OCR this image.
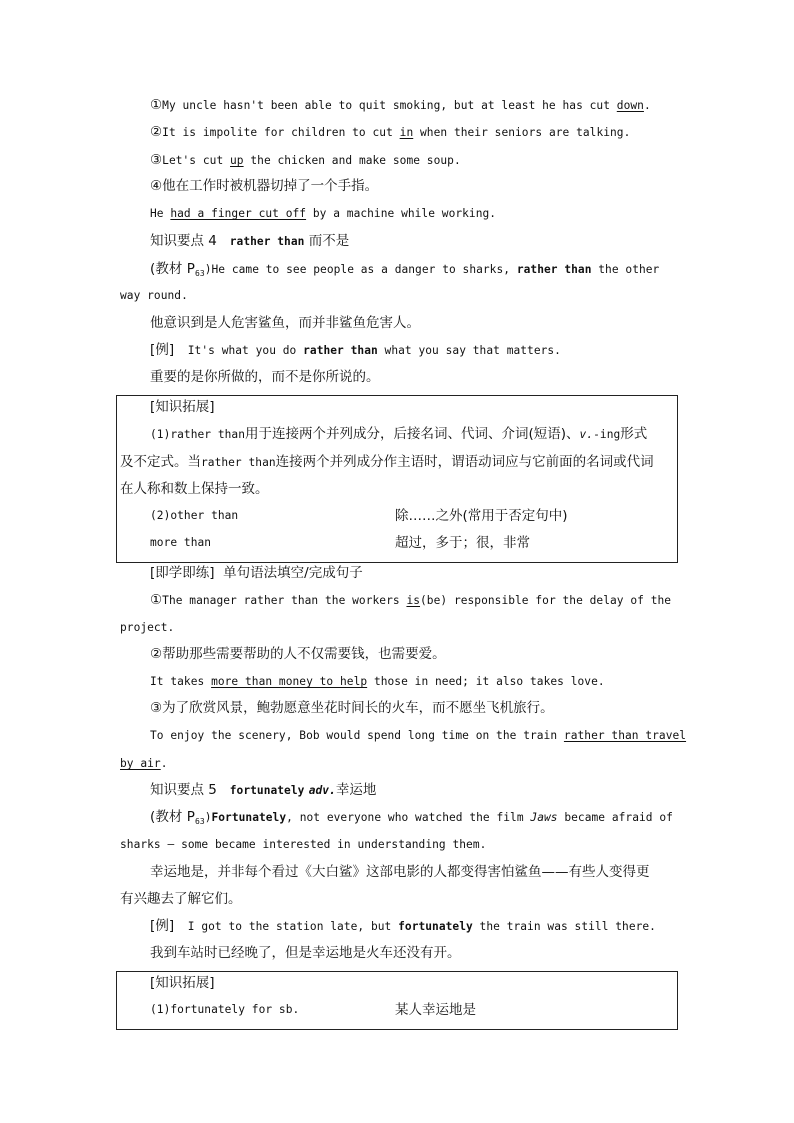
①My uncle hasn't been able to quit smoking, but at least he has cut down.
②It is impolite for children to cut in when their seniors are talking.
③Let's cut up the chicken and make some soup.
④他在工作时被机器切掉了一个手指。
He had a finger cut off by a machine while working.
知识要点 4 rather than 而不是
(教材 $P_{63})He$ came to see people as a danger to sharks, rather than the other
way round.
他意识到是人危害鲨鱼，而并非鲨鱼危害人。
[例] It's what you do rather than what you say that matters.
重要的是你所做的，而不是你所说的。
[知识拓展]
(1)rather than用于连接两个并列成分，后接名词、代词、介词(短语)、v.-ing形式
及不定式。当rather than连接两个并列成分作主语时，谓语动词应与它前面的名词或代词
在人称和数上保持一致。
(2)other than	除……之外(常用于否定句中)
more than	超过，多于；很，非常
[即学即练] 单句语法填空/完成句子
①The manager rather than the workers is(be) responsible for the delay of the
project.
②帮助那些需要帮助的人不仅需要钱，也需要爱。
It takes more than money to help those in need; it also takes love.
③为了欣赏风景，鲍勃愿意坐花时间长的火车，而不愿坐飞机旅行。
To enjoy the scenery, Bob would spend long time on the train rather than travel
by air.
知识要点 5 fortunately adv.幸运地
(教材 $P_{63})Fortunately$, not everyone who watched the film Jaws became afraid of
sharks — some became interested in understanding them.
幸运地是，并非每个看过《大白鲨》这部电影的人都变得害怕鲨鱼——有些人变得更
有兴趣去了解它们。
[例] I got to the station late, but fortunately the train was still there.
我到车站时已经晚了，但是幸运地是火车还没有开。
[知识拓展]
(1)fortunately for sb.	某人幸运地是
